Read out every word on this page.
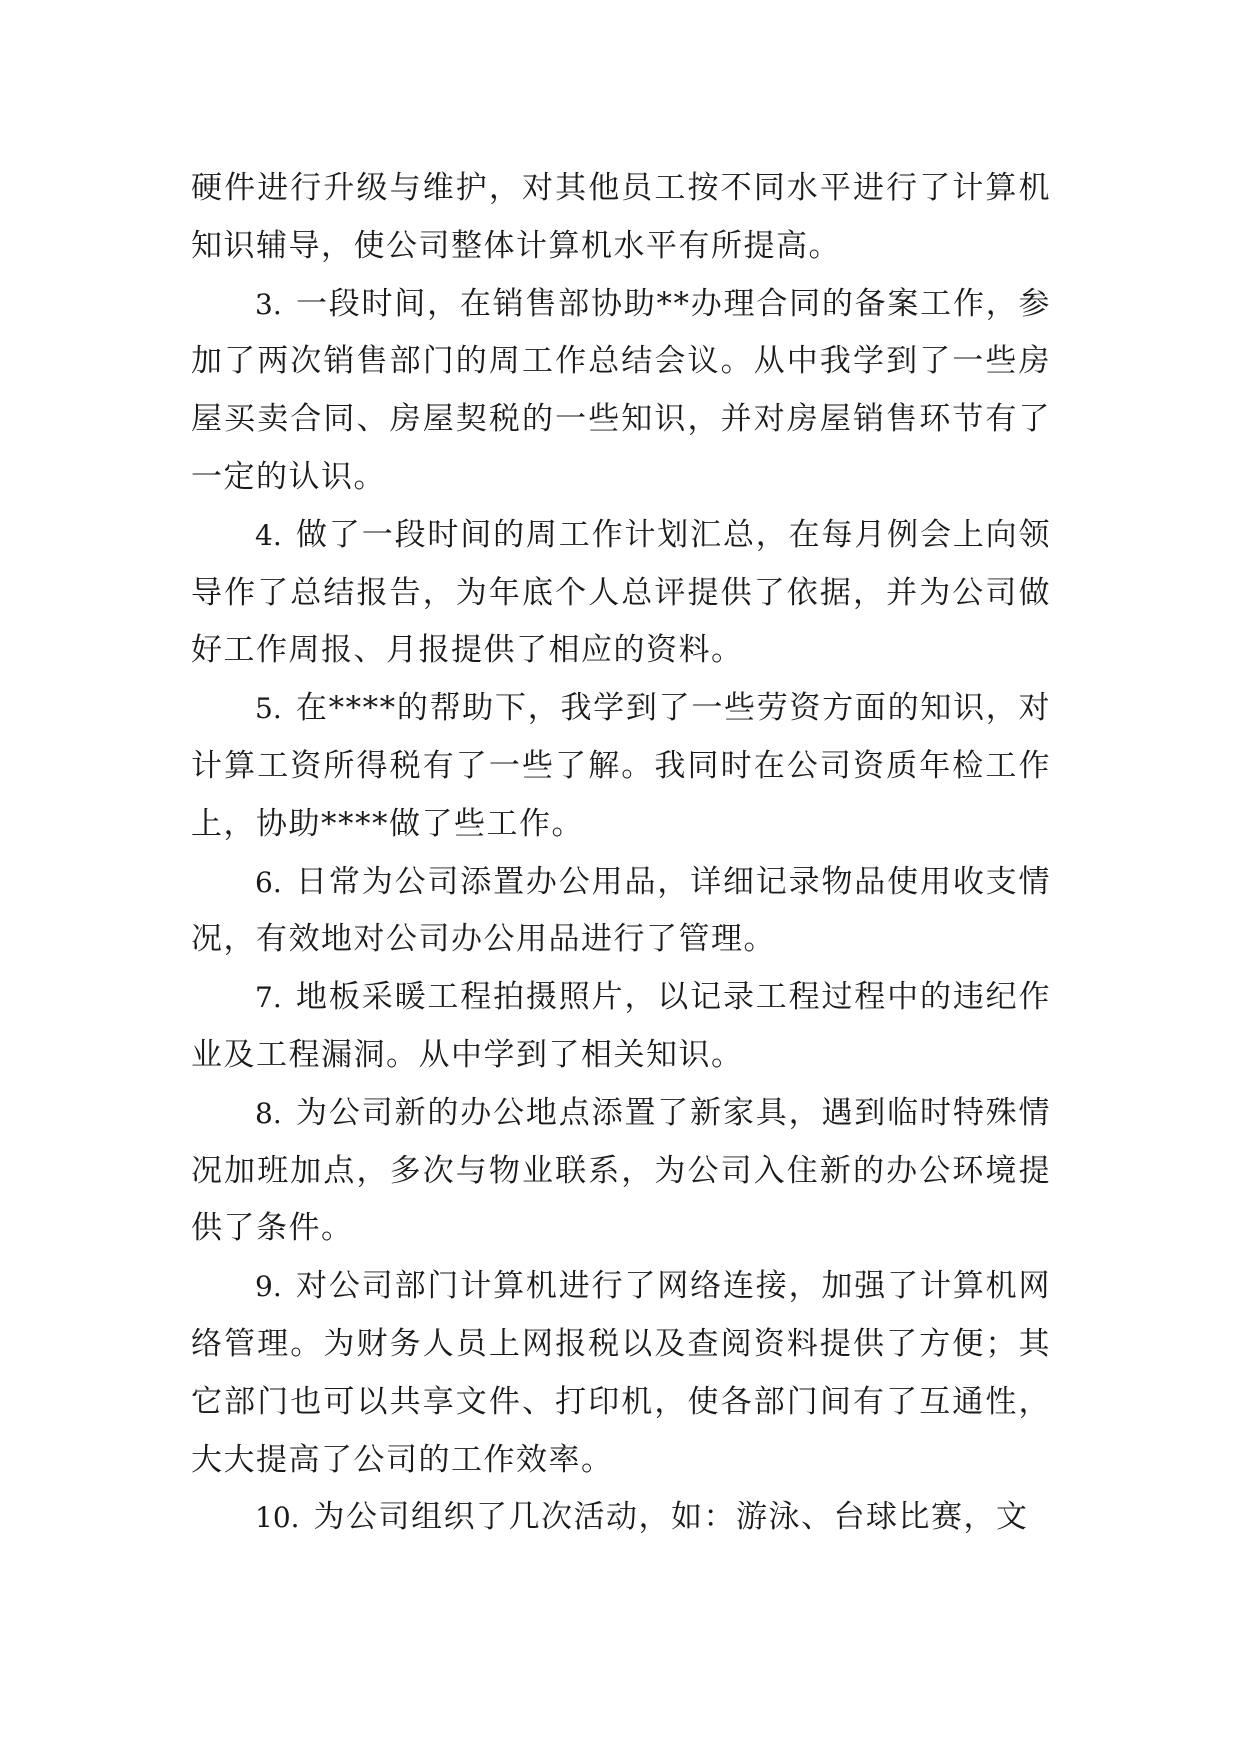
硬件进行升级与维护，对其他员工按不同水平进行了计算机知识辅导，使公司整体计算机水平有所提高。

3. 一段时间，在销售部协助**办理合同的备案工作，参加了两次销售部门的周工作总结会议。从中我学到了一些房屋买卖合同、房屋契税的一些知识，并对房屋销售环节有了一定的认识。

4. 做了一段时间的周工作计划汇总，在每月例会上向领导作了总结报告，为年底个人总评提供了依据，并为公司做好工作周报、月报提供了相应的资料。

5. 在****的帮助下，我学到了一些劳资方面的知识，对计算工资所得税有了一些了解。我同时在公司资质年检工作上，协助****做了些工作。

6. 日常为公司添置办公用品，详细记录物品使用收支情况，有效地对公司办公用品进行了管理。

7. 地板采暖工程拍摄照片，以记录工程过程中的违纪作业及工程漏洞。从中学到了相关知识。

8. 为公司新的办公地点添置了新家具，遇到临时特殊情况加班加点，多次与物业联系，为公司入住新的办公环境提供了条件。

9. 对公司部门计算机进行了网络连接，加强了计算机网络管理。为财务人员上网报税以及查阅资料提供了方便；其它部门也可以共享文件、打印机，使各部门间有了互通性，大大提高了公司的工作效率。

10. 为公司组织了几次活动，如：游泳、台球比赛，文
